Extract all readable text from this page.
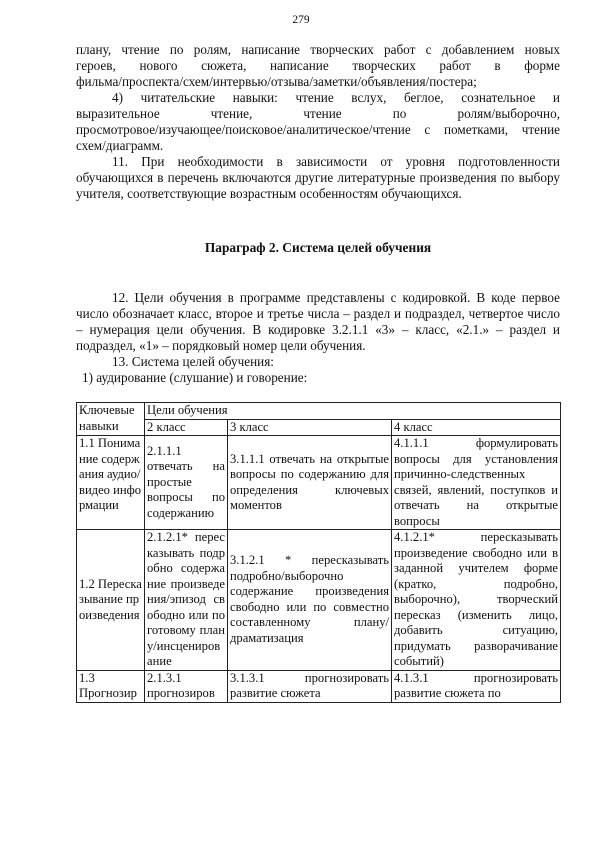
279

плану, чтение по ролям, написание творческих работ с добавлением новых

героев, нового сюжета, написание творческих работ в форме

фильма/проспекта/схем/интервью/отзыва/заметки/объявления/постера;

4) читательские навыки: чтение вслух, беглое, сознательное и

выразительное чтение, чтение по ролям/выборочно,

просмотровое/изучающее/поисковое/аналитическое/чтение с пометками, чтение

схем/диаграмм.

11. При необходимости в зависимости от уровня подготовленности обучающихся в перечень включаются другие литературные произведения по выбору учителя, соответствующие возрастным особенностям обучающихся.

Параграф 2. Система целей обучения

12. Цели обучения в программе представлены с кодировкой. В коде первое число обозначает класс, второе и третье числа – раздел и подраздел, четвертое число – нумерация цели обучения. В кодировке 3.2.1.1 «3» – класс, «2.1.» – раздел и подраздел, «1» – порядковый номер цели обучения.

13. Система целей обучения:

1) аудирование (слушание) и говорение:

Ключевые навыки	Цели обучения		
	2 класс	3 класс	4 класс
1.1 Понимание содержания аудио/видео информации	2.1.1.1 отвечать на простые вопросы по содержанию	3.1.1.1 отвечать на открытые вопросы по содержанию для определения ключевых моментов	4.1.1.1 формулировать вопросы для установления причинно-следственных связей, явлений, поступков и отвечать на открытые вопросы
1.2 Пересказывание произведения	2.1.2.1* пересказывать подробно содержание произведения/эпизод свободно или по готовому плану/инсценирование	3.1.2.1 * пересказывать подробно/выборочно содержание произведения свободно или по совместно составленному плану/драматизация	4.1.2.1* пересказывать произведение свободно или в заданной учителем форме (кратко, подробно, выборочно), творческий пересказ (изменить лицо, добавить ситуацию, придумать разворачивание событий)
1.3 Прогнозир	2.1.3.1 прогнозиров	3.1.3.1 прогнозировать развитие сюжета	4.1.3.1 прогнозировать развитие сюжета по
